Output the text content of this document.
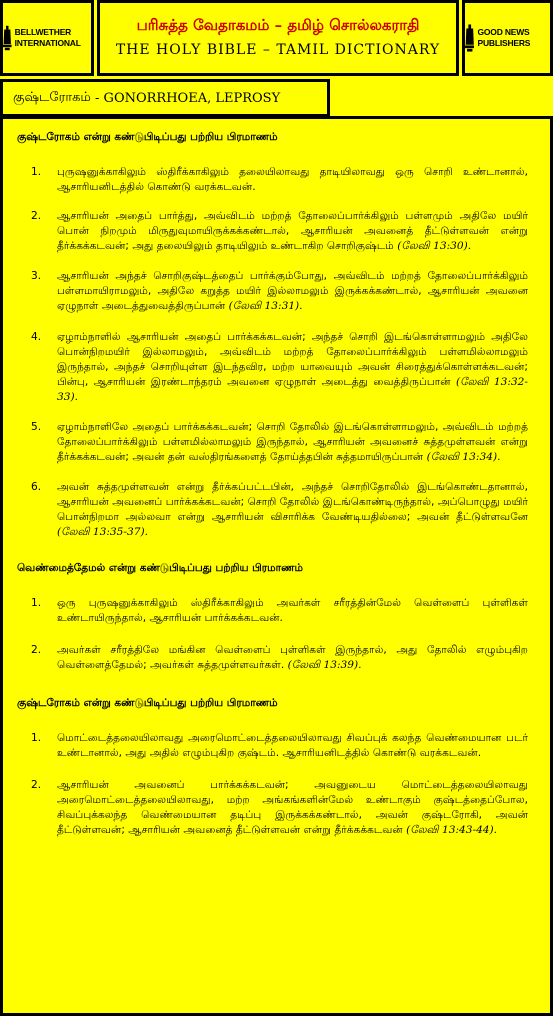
BELLWETHER INTERNATIONAL
பரிசுத்த வேதாகமம் – தமிழ் சொல்லகராதி
THE HOLY BIBLE – TAMIL DICTIONARY
GOOD NEWS PUBLISHERS
குஷ்டரோகம்
- GONORRHOEA, LEPROSY
குஷ்டரோகம் என்று கண்டுபிடிப்பது பற்றிய பிரமாணம்
1.	புருஷனுக்காகிலும் ஸ்திரீக்காகிலும் தலையிலாவது தாடியிலாவது ஒரு சொறி உண்டானால், ஆசாரியனிடத்தில் கொண்டு வரக்கடவன்.
2.	ஆசாரியன் அதைப் பார்த்து, அவ்விடம் மற்றத் தோலைப்பார்க்கிலும் பள்ளமும் அதிலே மயிர் பொன் நிறமும் மிருதுவுமாயிருக்கக்கண்டால், ஆசாரியன் அவனைத் தீட்டுள்ளவன் என்று தீர்க்கக்கடவன்; அது தலையிலும் தாடியிலும் உண்டாகிற சொறிகுஷ்டம் (லேவி 13:30).
3.	ஆசாரியன் அந்தச் சொறிகுஷ்டத்தைப் பார்க்கும்போது, அவ்விடம் மற்றத் தோலைப்பார்க்கிலும் பள்ளமாயிராமலும், அதிலே கறுத்த மயிர் இல்லாமலும் இருக்கக்கண்டால், ஆசாரியன் அவனை ஏழுநாள் அடைத்துவைத்திருப்பான் (லேவி 13:31).
4.	ஏழாம்நாளில் ஆசாரியன் அதைப் பார்க்கக்கடவன்; அந்தச் சொறி இடங்கொள்ளாமலும் அதிலே பொன்நிறமயிர் இல்லாமலும், அவ்விடம் மற்றத் தோலைப்பார்க்கிலும் பள்ளமில்லாமலும் இருந்தால், அந்தச் சொறியுள்ள இடந்தவிர, மற்ற யாவையும் அவன் சிரைத்துக்கொள்ளக்கடவன்; பின்பு, ஆசாரியன் இரண்டாந்தரம் அவனை ஏழுநாள் அடைத்து வைத்திருப்பான் (லேவி 13:32-33).
5.	ஏழாம்நாளிலே அதைப் பார்க்கக்கடவன்; சொறி தோலில் இடங்கொள்ளாமலும், அவ்விடம் மற்றத் தோலைப்பார்க்கிலும் பள்ளமில்லாமலும் இருந்தால், ஆசாரியன் அவனைச் சுத்தமுள்ளவன் என்று தீர்க்கக்கடவன்; அவன் தன் வஸ்திரங்களைத் தோய்த்தபின் சுத்தமாயிருப்பான் (லேவி 13:34).
6.	அவன் சுத்தமுள்ளவன் என்று தீர்க்கப்பட்டபின், அந்தச் சொறிதோலில் இடங்கொண்டதானால், ஆசாரியன் அவனைப் பார்க்கக்கடவன்; சொறி தோலில் இடங்கொண்டிருந்தால், அப்பொழுது மயிர் பொன்நிறமா அல்லவா என்று ஆசாரியன் விசாரிக்க வேண்டியதில்லை; அவன் தீட்டுள்ளவனே (லேவி 13:35-37).
வெண்மைத்தேமல் என்று கண்டுபிடிப்பது பற்றிய பிரமாணம்
1.	ஒரு புருஷனுக்காகிலும் ஸ்திரீக்காகிலும் அவர்கள் சரீரத்தின்மேல் வெள்ளைப் புள்ளிகள் உண்டாயிருந்தால், ஆசாரியன் பார்க்கக்கடவன்.
2.	அவர்கள் சரீரத்திலே மங்கின வெள்ளைப் புள்ளிகள் இருந்தால், அது தோலில் எழும்புகிற வெள்ளைத்தேமல்; அவர்கள் சுத்தமுள்ளவர்கள். (லேவி 13:39).
குஷ்டரோகம் என்று கண்டுபிடிப்பது பற்றிய பிரமாணம்
1.	மொட்டைத்தலையிலாவது அரைமொட்டைத்தலையிலாவது சிவப்புக் கலந்த வெண்மையான படர் உண்டானால், அது அதில் எழும்புகிற குஷ்டம். ஆசாரியனிடத்தில் கொண்டு வரக்கடவன்.
2.	ஆசாரியன் அவனைப் பார்க்கக்கடவன்; அவனுடைய மொட்டைத்தலையிலாவது அரைமொட்டைத்தலையிலாவது, மற்ற அங்கங்களின்மேல் உண்டாகும் குஷ்டத்தைப்போல, சிவப்புக்கலந்த வெண்மையான தடிப்பு இருக்கக்கண்டால், அவன் குஷ்டரோகி, அவன் தீட்டுள்ளவன்; ஆசாரியன் அவனைத் தீட்டுள்ளவன் என்று தீர்க்கக்கடவன் (லேவி 13:43-44).
